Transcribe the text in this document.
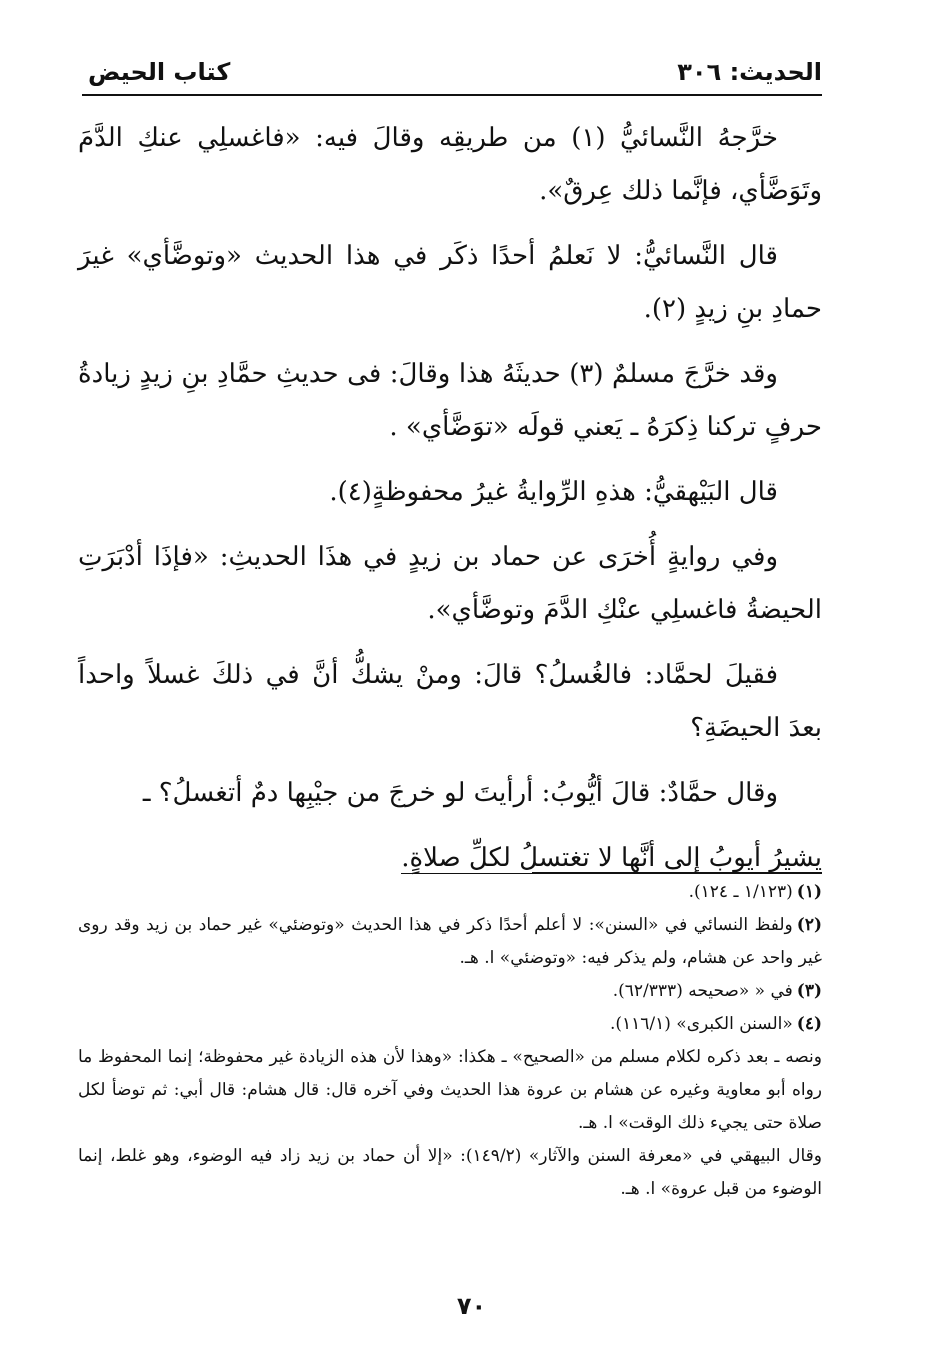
الحديث: ٣٠٦
كتاب الحيض

خرَّجهُ النَّسائيُّ (١) من طريقِه وقالَ فيه: «فاغسلِي عنكِ الدَّمَ وتَوَضَّأي، فإنَّما ذلك عِرقٌ».

قال النَّسائيُّ: لا نَعلمُ أحدًا ذكَر في هذا الحديث «وتوضَّأي» غيرَ حمادِ بنِ زيدٍ (٢).

وقد خرَّجَ مسلمٌ (٣) حديثَهُ هذا وقالَ: فى حديثِ حمَّادِ بنِ زيدٍ زيادةُ حرفٍ تركنا ذِكرَهُ ـ يَعني قولَه «توَضَّأي» .

قال البَيْهقيُّ: هذهِ الرِّوايةُ غيرُ محفوظةٍ(٤).

وفي روايةٍ أُخرَى عن حماد بن زيدٍ في هذَا الحديثِ: «فإذَا أدْبَرَتِ الحيضةُ فاغسلِي عنْكِ الدَّمَ وتوضَّأي».

فقيلَ لحمَّاد: فالغُسلُ؟ قالَ: ومنْ يشكُّ أنَّ في ذلكَ غسلاً واحداً بعدَ الحيضَةِ؟

وقال حمَّادٌ: قالَ أيُّوبُ: أرأيتَ لو خرجَ من جيْبِها دمٌ أتغسلُ؟ ـ

يشيرُ أيوبُ إلى أنَّها لا تغتسلُ لكلِّ صلاةٍ.

(١)(١/١٢٣ ـ ١٢٤).

(٢)ولفظ النسائي في «السنن»: لا أعلم أحدًا ذكر في هذا الحديث «وتوضئي» غير حماد بن زيد وقد روى غير واحد عن هشام، ولم يذكر فيه: «وتوضئي» ا. هـ.

(٣)في « «صحيحه (٦٢/٣٣٣).

(٤)«السنن الكبرى» (١١٦/١).

ونصه ـ بعد ذكره لكلام مسلم من «الصحيح» ـ هكذا: «وهذا لأن هذه الزيادة غير محفوظة؛ إنما المحفوظ ما رواه أبو معاوية وغيره عن هشام بن عروة هذا الحديث وفي آخره قال: قال هشام: قال أبي: ثم توضأ لكل صلاة حتى يجيء ذلك الوقت» ا. هـ.

وقال البيهقي في «معرفة السنن والآثار» (١٤٩/٢): «إلا أن حماد بن زيد زاد فيه الوضوء، وهو غلط، إنما الوضوء من قبل عروة» ا. هـ.

٧٠
